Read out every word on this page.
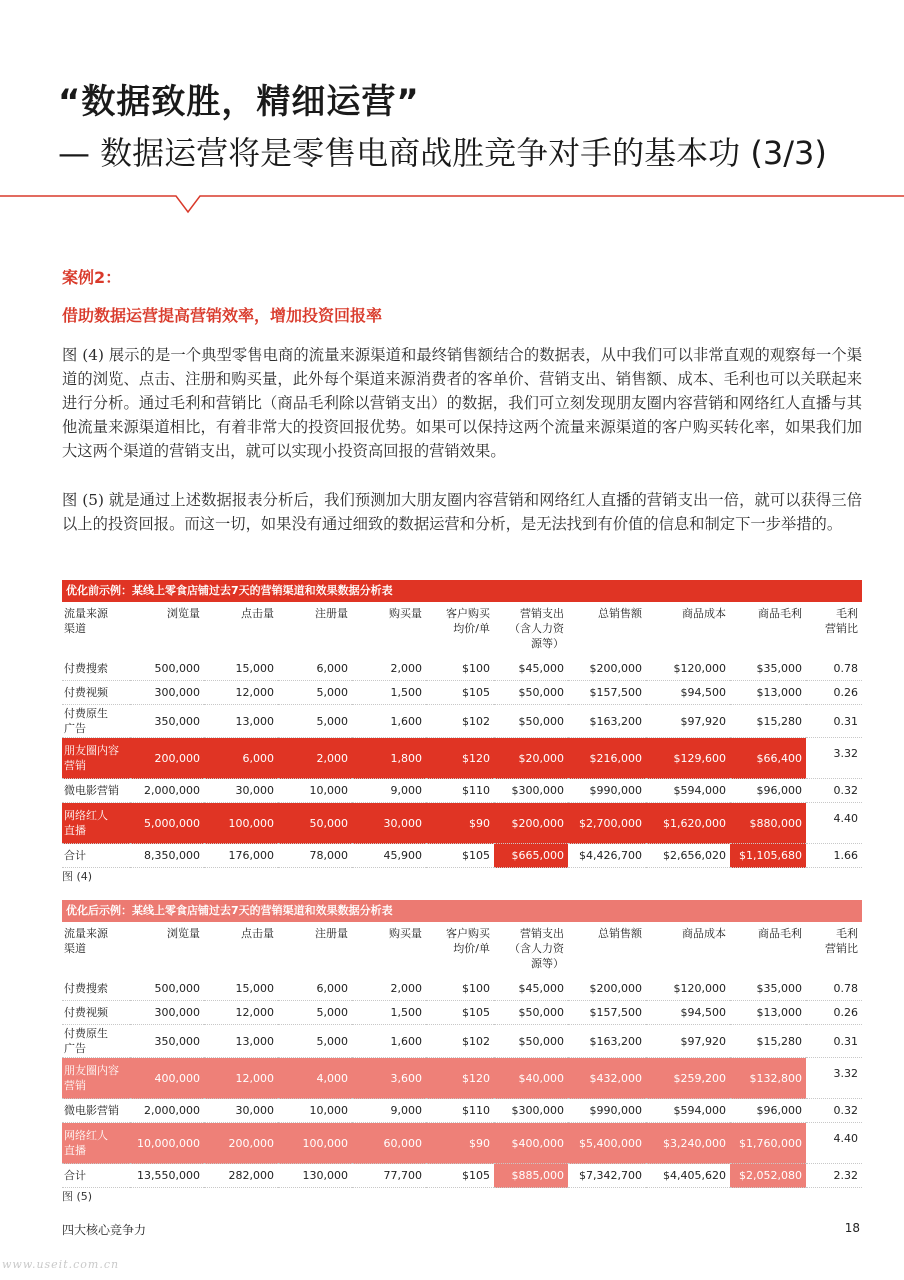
“数据致胜，精细运营”
— 数据运营将是零售电商战胜竞争对手的基本功 (3/3)
案例2：
借助数据运营提高营销效率，增加投资回报率

图 (4) 展示的是一个典型零售电商的流量来源渠道和最终销售额结合的数据表，从中我们可以非常直观的观察每一个渠道的浏览、点击、注册和购买量，此外每个渠道来源消费者的客单价、营销支出、销售额、成本、毛利也可以关联起来进行分析。通过毛利和营销比（商品毛利除以营销支出）的数据，我们可立刻发现朋友圈内容营销和网络红人直播与其他流量来源渠道相比，有着非常大的投资回报优势。如果可以保持这两个流量来源渠道的客户购买转化率，如果我们加大这两个渠道的营销支出，就可以实现小投资高回报的营销效果。

图 (5) 就是通过上述数据报表分析后，我们预测加大朋友圈内容营销和网络红人直播的营销支出一倍，就可以获得三倍以上的投资回报。而这一切，如果没有通过细致的数据运营和分析，是无法找到有价值的信息和制定下一步举措的。

优化前示例：某线上零食店铺过去7天的营销渠道和效果数据分析表
流量来源
渠道	浏览量	点击量	注册量	购买量	客户购买
均价/单	营销支出
（含人力资
源等）	总销售额	商品成本	商品毛利	毛利
营销比
付费搜索	500,000	15,000	6,000	2,000	$100	$45,000	$200,000	$120,000	$35,000	0.78
付费视频	300,000	12,000	5,000	1,500	$105	$50,000	$157,500	$94,500	$13,000	0.26
付费原生
广告	350,000	13,000	5,000	1,600	$102	$50,000	$163,200	$97,920	$15,280	0.31
朋友圈内容
营销	200,000	6,000	2,000	1,800	$120	$20,000	$216,000	$129,600	$66,400	3.32
微电影营销	2,000,000	30,000	10,000	9,000	$110	$300,000	$990,000	$594,000	$96,000	0.32
网络红人
直播	5,000,000	100,000	50,000	30,000	$90	$200,000	$2,700,000	$1,620,000	$880,000	4.40
合计	8,350,000	176,000	78,000	45,900	$105	$665,000	$4,426,700	$2,656,020	$1,105,680	1.66
图 (4)
优化后示例：某线上零食店铺过去7天的营销渠道和效果数据分析表
流量来源
渠道	浏览量	点击量	注册量	购买量	客户购买
均价/单	营销支出
（含人力资
源等）	总销售额	商品成本	商品毛利	毛利
营销比
付费搜索	500,000	15,000	6,000	2,000	$100	$45,000	$200,000	$120,000	$35,000	0.78
付费视频	300,000	12,000	5,000	1,500	$105	$50,000	$157,500	$94,500	$13,000	0.26
付费原生
广告	350,000	13,000	5,000	1,600	$102	$50,000	$163,200	$97,920	$15,280	0.31
朋友圈内容
营销	400,000	12,000	4,000	3,600	$120	$40,000	$432,000	$259,200	$132,800	3.32
微电影营销	2,000,000	30,000	10,000	9,000	$110	$300,000	$990,000	$594,000	$96,000	0.32
网络红人
直播	10,000,000	200,000	100,000	60,000	$90	$400,000	$5,400,000	$3,240,000	$1,760,000	4.40
合计	13,550,000	282,000	130,000	77,700	$105	$885,000	$7,342,700	$4,405,620	$2,052,080	2.32
图 (5)
四大核心竞争力	18
www.useit.com.cn
